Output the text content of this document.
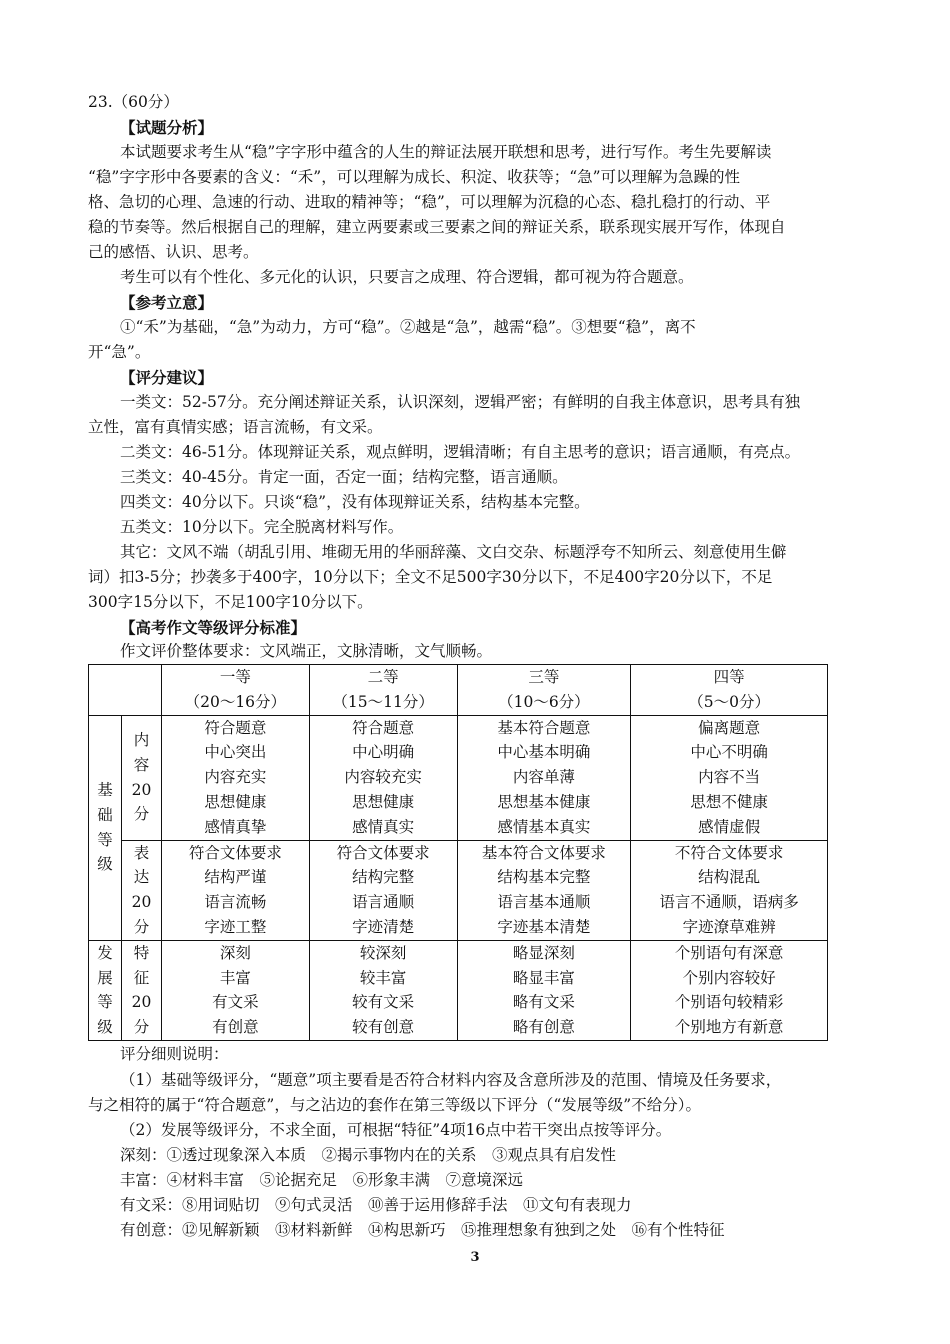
23.（60分）
【试题分析】
本试题要求考生从“稳”字字形中蕴含的人生的辩证法展开联想和思考，进行写作。考生先要解读
“稳”字字形中各要素的含义：“禾”，可以理解为成长、积淀、收获等；“急”可以理解为急躁的性
格、急切的心理、急速的行动、进取的精神等；“稳”，可以理解为沉稳的心态、稳扎稳打的行动、平
稳的节奏等。然后根据自己的理解，建立两要素或三要素之间的辩证关系，联系现实展开写作，体现自
己的感悟、认识、思考。
考生可以有个性化、多元化的认识，只要言之成理、符合逻辑，都可视为符合题意。
【参考立意】
①“禾”为基础，“急”为动力，方可“稳”。②越是“急”，越需“稳”。③想要“稳”，离不
开“急”。
【评分建议】
一类文：52-57分。充分阐述辩证关系，认识深刻，逻辑严密；有鲜明的自我主体意识，思考具有独
立性，富有真情实感；语言流畅，有文采。
二类文：46-51分。体现辩证关系，观点鲜明，逻辑清晰；有自主思考的意识；语言通顺，有亮点。
三类文：40-45分。肯定一面，否定一面；结构完整，语言通顺。
四类文：40分以下。只谈“稳”，没有体现辩证关系，结构基本完整。
五类文：10分以下。完全脱离材料写作。
其它：文风不端（胡乱引用、堆砌无用的华丽辞藻、文白交杂、标题浮夸不知所云、刻意使用生僻
词）扣3-5分；抄袭多于400字，10分以下；全文不足500字30分以下，不足400字20分以下，不足
300字15分以下，不足100字10分以下。
【高考作文等级评分标准】
作文评价整体要求：文风端正，文脉清晰，文气顺畅。

		一等
（20～16分）	二等
（15～11分）	三等
（10～6分）	四等
（5～0分）

基
础
等
级	内
容
20
分	符合题意
中心突出
内容充实
思想健康
感情真挚	符合题意
中心明确
内容较充实
思想健康
感情真实	基本符合题意
中心基本明确
内容单薄
思想基本健康
感情基本真实	偏离题意
中心不明确
内容不当
思想不健康
感情虚假

	表
达
20
分	符合文体要求
结构严谨
语言流畅
字迹工整	符合文体要求
结构完整
语言通顺
字迹清楚	基本符合文体要求
结构基本完整
语言基本通顺
字迹基本清楚	不符合文体要求
结构混乱
语言不通顺，语病多
字迹潦草难辨

发
展
等
级	特
征
20
分	深刻
丰富
有文采
有创意	较深刻
较丰富
较有文采
较有创意	略显深刻
略显丰富
略有文采
略有创意	个别语句有深意
个别内容较好
个别语句较精彩
个别地方有新意
评分细则说明：
（1）基础等级评分，“题意”项主要看是否符合材料内容及含意所涉及的范围、情境及任务要求，
与之相符的属于“符合题意”，与之沾边的套作在第三等级以下评分（“发展等级”不给分）。
（2）发展等级评分，不求全面，可根据“特征”4项16点中若干突出点按等评分。
深刻：①透过现象深入本质　②揭示事物内在的关系　③观点具有启发性
丰富：④材料丰富　⑤论据充足　⑥形象丰满　⑦意境深远
有文采：⑧用词贴切　⑨句式灵活　⑩善于运用修辞手法　⑪文句有表现力
有创意：⑫见解新颖　⑬材料新鲜　⑭构思新巧　⑮推理想象有独到之处　⑯有个性特征
3
